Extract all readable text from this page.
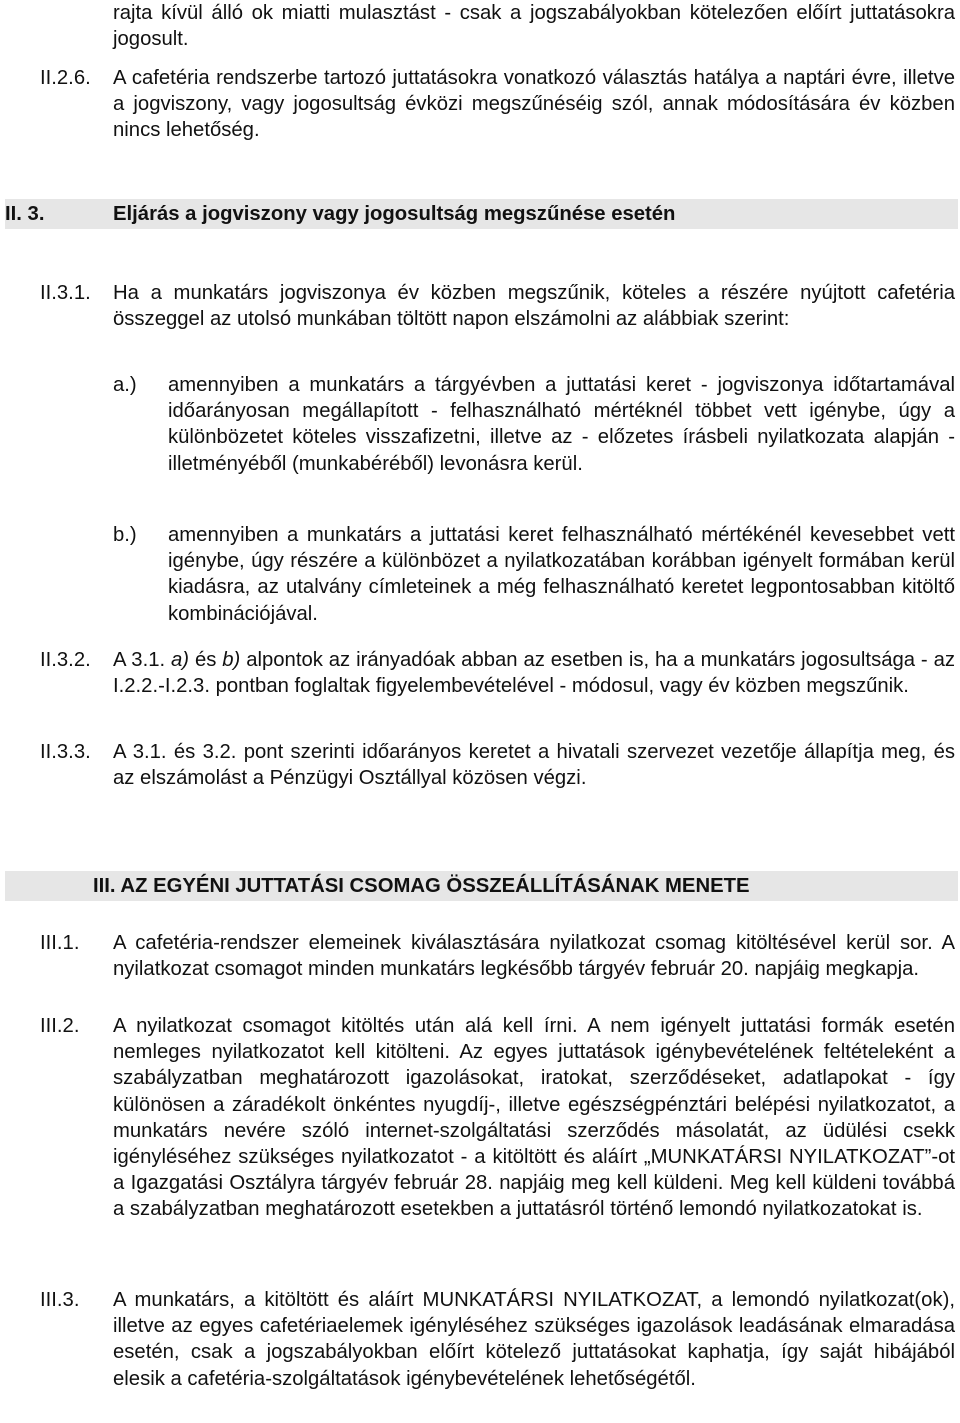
rajta kívül álló ok miatti mulasztást - csak a jogszabályokban kötelezően előírt juttatásokra jogosult.

II.2.6. A cafetéria rendszerbe tartozó juttatásokra vonatkozó választás hatálya a naptári évre, illetve a jogviszony, vagy jogosultság évközi megszűnéséig szól, annak módosítására év közben nincs lehetőség.

II. 3.	Eljárás a jogviszony vagy jogosultság megszűnése esetén
II.3.1. Ha a munkatárs jogviszonya év közben megszűnik, köteles a részére nyújtott cafetéria összeggel az utolsó munkában töltött napon elszámolni az alábbiak szerint:

a.) amennyiben a munkatárs a tárgyévben a juttatási keret - jogviszonya időtartamával időarányosan megállapított - felhasználható mértéknél többet vett igénybe, úgy a különbözetet köteles visszafizetni, illetve az - előzetes írásbeli nyilatkozata alapján - illetményéből (munkabéréből) levonásra kerül.

b.) amennyiben a munkatárs a juttatási keret felhasználható mértékénél kevesebbet vett igénybe, úgy részére a különbözet a nyilatkozatában korábban igényelt formában kerül kiadásra, az utalvány címleteinek a még felhasználható keretet legpontosabban kitöltő kombinációjával.

II.3.2. A 3.1. a) és b) alpontok az irányadóak abban az esetben is, ha a munkatárs jogosultsága - az I.2.2.-I.2.3. pontban foglaltak figyelembevételével - módosul, vagy év közben megszűnik.

II.3.3. A 3.1. és 3.2. pont szerinti időarányos keretet a hivatali szervezet vezetője állapítja meg, és az elszámolást a Pénzügyi Osztállyal közösen végzi.

III. AZ EGYÉNI JUTTATÁSI CSOMAG ÖSSZEÁLLÍTÁSÁNAK MENETE
III.1. A cafetéria-rendszer elemeinek kiválasztására nyilatkozat csomag kitöltésével kerül sor. A nyilatkozat csomagot minden munkatárs legkésőbb tárgyév február 20. napjáig megkapja.

III.2. A nyilatkozat csomagot kitöltés után alá kell írni. A nem igényelt juttatási formák esetén nemleges nyilatkozatot kell kitölteni. Az egyes juttatások igénybevételének feltételeként a szabályzatban meghatározott igazolásokat, iratokat, szerződéseket, adatlapokat - így különösen a záradékolt önkéntes nyugdíj-, illetve egészségpénztári belépési nyilatkozatot, a munkatárs nevére szóló internet-szolgáltatási szerződés másolatát, az üdülési csekk igényléséhez szükséges nyilatkozatot - a kitöltött és aláírt „MUNKATÁRSI NYILATKOZAT”-ot a Igazgatási Osztályra tárgyév február 28. napjáig meg kell küldeni. Meg kell küldeni továbbá a szabályzatban meghatározott esetekben a juttatásról történő lemondó nyilatkozatokat is.

III.3. A munkatárs, a kitöltött és aláírt MUNKATÁRSI NYILATKOZAT, a lemondó nyilatkozat(ok), illetve az egyes cafetériaelemek igényléséhez szükséges igazolások leadásának elmaradása esetén, csak a jogszabályokban előírt kötelező juttatásokat kaphatja, így saját hibájából elesik a cafetéria-szolgáltatások igénybevételének lehetőségétől.
